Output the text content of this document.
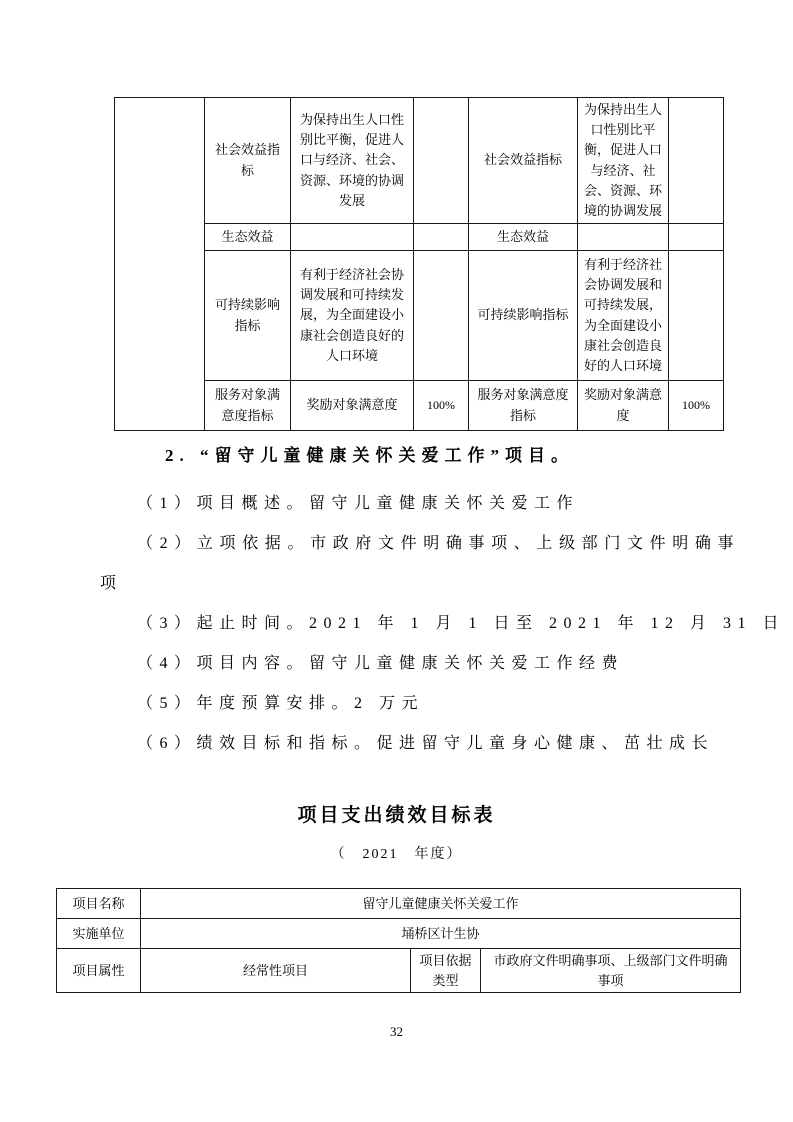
	社会效益指标	为保持出生人口性别比平衡，促进人口与经济、社会、资源、环境的协调发展		社会效益指标	为保持出生人口性别比平衡，促进人口与经济、社会、资源、环境的协调发展	
	生态效益			生态效益		
	可持续影响指标	有利于经济社会协调发展和可持续发展，为全面建设小康社会创造良好的人口环境		可持续影响指标	有利于经济社会协调发展和可持续发展，为全面建设小康社会创造良好的人口环境	
	服务对象满意度指标	奖励对象满意度	100%	服务对象满意度指标	奖励对象满意度	100%
2. “留守儿童健康关怀关爱工作”项目。

（1）项目概述。留守儿童健康关怀关爱工作

（2）立项依据。市政府文件明确事项、上级部门文件明确事项

（3）起止时间。2021 年 1 月 1 日至 2021 年 12 月 31 日

（4）项目内容。留守儿童健康关怀关爱工作经费

（5）年度预算安排。2 万元

（6）绩效目标和指标。促进留守儿童身心健康、茁壮成长

项目支出绩效目标表
（　2021　年度）
项目名称	留守儿童健康关怀关爱工作		
实施单位	埇桥区计生协		
项目属性	经常性项目	项目依据类型	市政府文件明确事项、上级部门文件明确事项
32
